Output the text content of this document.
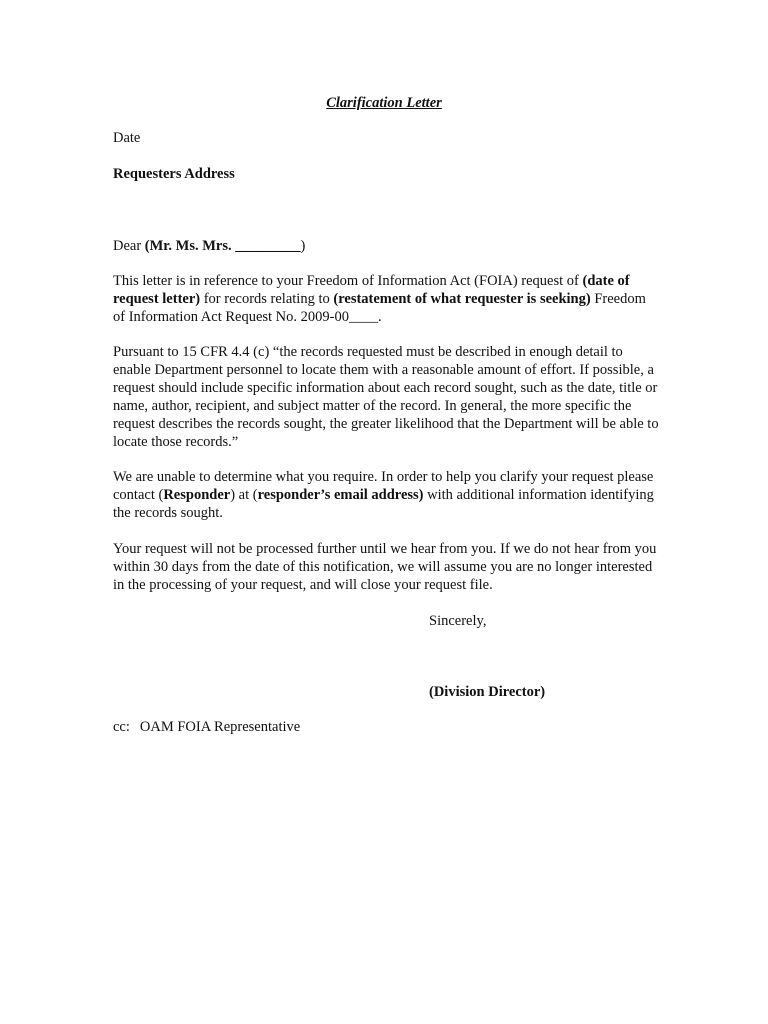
Clarification Letter

Date

Requesters Address

Dear (Mr. Ms. Mrs. _________)

This letter is in reference to your Freedom of Information Act (FOIA) request of (date of request letter) for records relating to (restatement of what requester is seeking) Freedom of Information Act Request No. 2009-00____.

Pursuant to 15 CFR 4.4 (c) “the records requested must be described in enough detail to enable Department personnel to locate them with a reasonable amount of effort. If possible, a request should include specific information about each record sought, such as the date, title or name, author, recipient, and subject matter of the record. In general, the more specific the request describes the records sought, the greater likelihood that the Department will be able to locate those records.”

We are unable to determine what you require. In order to help you clarify your request please contact (Responder) at (responder’s email address) with additional information identifying the records sought.

Your request will not be processed further until we hear from you. If we do not hear from you within 30 days from the date of this notification, we will assume you are no longer interested in the processing of your request, and will close your request file.

Sincerely,
(Division Director)

cc: OAM FOIA Representative
